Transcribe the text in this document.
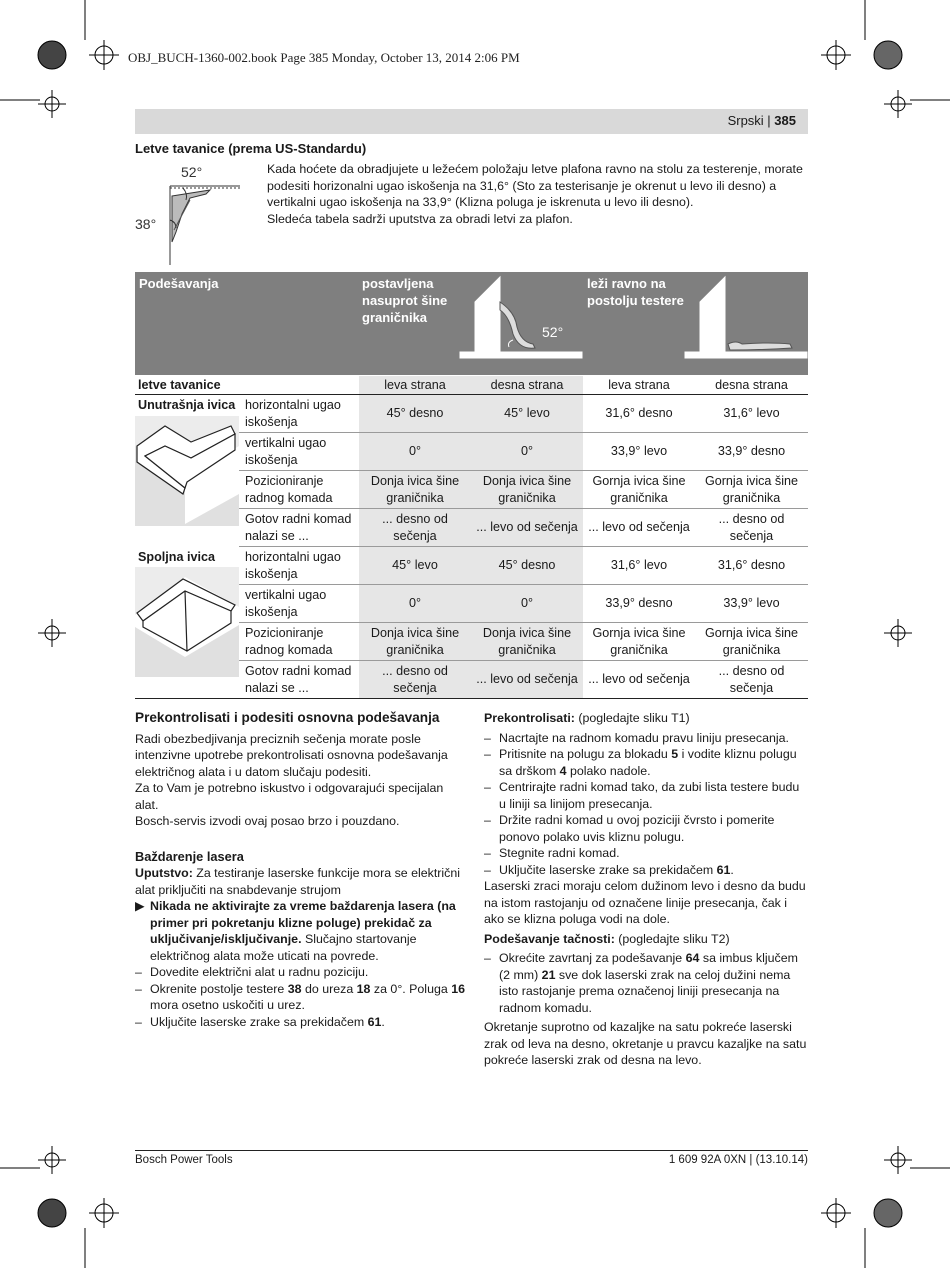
OBJ_BUCH-1360-002.book Page 385 Monday, October 13, 2014 2:06 PM
Srpski | 385
Letve tavanice (prema US-Standardu)
52°
38°

Kada hoćete da obradjujete u ležećem položaju letve plafona ravno na stolu za testerenje, morate podesiti horizonalni ugao iskošenja na 31,6° (Sto za testerisanje je okrenut u levo ili desno) a vertikalni ugao iskošenja na 33,9° (Klizna poluga je iskrenuta u levo ili desno).

Sledeća tabela sadrži uputstva za obradi letvi za plafon.

Podešavanja	postavljena nasuprot šine graničnika
leži ravno na postolju testere
52°
letve tavanice		leva strana	desna strana	leva strana	desna strana

Unutrašnja ivica	horizontalni ugao iskošenja	45° desno	45° levo	31,6° desno	31,6° levo
	vertikalni ugao iskošenja	0°	0°	33,9° levo	33,9° desno
	Pozicioniranje radnog komada	Donja ivica šine graničnika	Donja ivica šine graničnika	Gornja ivica šine graničnika	Gornja ivica šine graničnika
	Gotov radni komad nalazi se ...	... desno od sečenja	... levo od sečenja	... levo od sečenja	... desno od sečenja

Spoljna ivica	horizontalni ugao iskošenja	45° levo	45° desno	31,6° levo	31,6° desno
	vertikalni ugao iskošenja	0°	0°	33,9° desno	33,9° levo
	Pozicioniranje radnog komada	Donja ivica šine graničnika	Donja ivica šine graničnika	Gornja ivica šine graničnika	Gornja ivica šine graničnika
	Gotov radni komad nalazi se ...	... desno od sečenja	... levo od sečenja	... levo od sečenja	... desno od sečenja
Prekontrolisati i podesiti osnovna podešavanja

Radi obezbedjivanja preciznih sečenja morate posle intenzivne upotrebe prekontrolisati osnovna podešavanja električnog alata i u datom slučaju podesiti.

Za to Vam je potrebno iskustvo i odgovarajući specijalan alat.

Bosch-servis izvodi ovaj posao brzo i pouzdano.

Baždarenje lasera

Uputstvo: Za testiranje laserske funkcije mora se električni alat priključiti na snabdevanje strujom

▶ Nikada ne aktivirajte za vreme baždarenja lasera (na primer pri pokretanju klizne poluge) prekidač za uključivanje/isključivanje. Slučajno startovanje električnog alata može uticati na povrede.
– Dovedite električni alat u radnu poziciju.
– Okrenite postolje testere 38 do ureza 18 za 0°. Poluga 16 mora osetno uskočiti u urez.
– Uključite laserske zrake sa prekidačem 61.

Prekontrolisati: (pogledajte sliku T1)

– Nacrtajte na radnom komadu pravu liniju presecanja.
– Pritisnite na polugu za blokadu 5 i vodite kliznu polugu sa drškom 4 polako nadole.
– Centrirajte radni komad tako, da zubi lista testere budu u liniji sa linijom presecanja.
– Držite radni komad u ovoj poziciji čvrsto i pomerite ponovo polako uvis kliznu polugu.
– Stegnite radni komad.
– Uključite laserske zrake sa prekidačem 61.

Laserski zraci moraju celom dužinom levo i desno da budu na istom rastojanju od označene linije presecanja, čak i ako se klizna poluga vodi na dole.

Podešavanje tačnosti: (pogledajte sliku T2)

– Okrećite zavrtanj za podešavanje 64 sa imbus ključem (2 mm) 21 sve dok laserski zrak na celoj dužini nema isto rastojanje prema označenoj liniji presecanja na radnom komadu.

Okretanje suprotno od kazaljke na satu pokreće laserski zrak od leva na desno, okretanje u pravcu kazaljke na satu pokreće laserski zrak od desna na levo.

Bosch Power Tools	1 609 92A 0XN | (13.10.14)
